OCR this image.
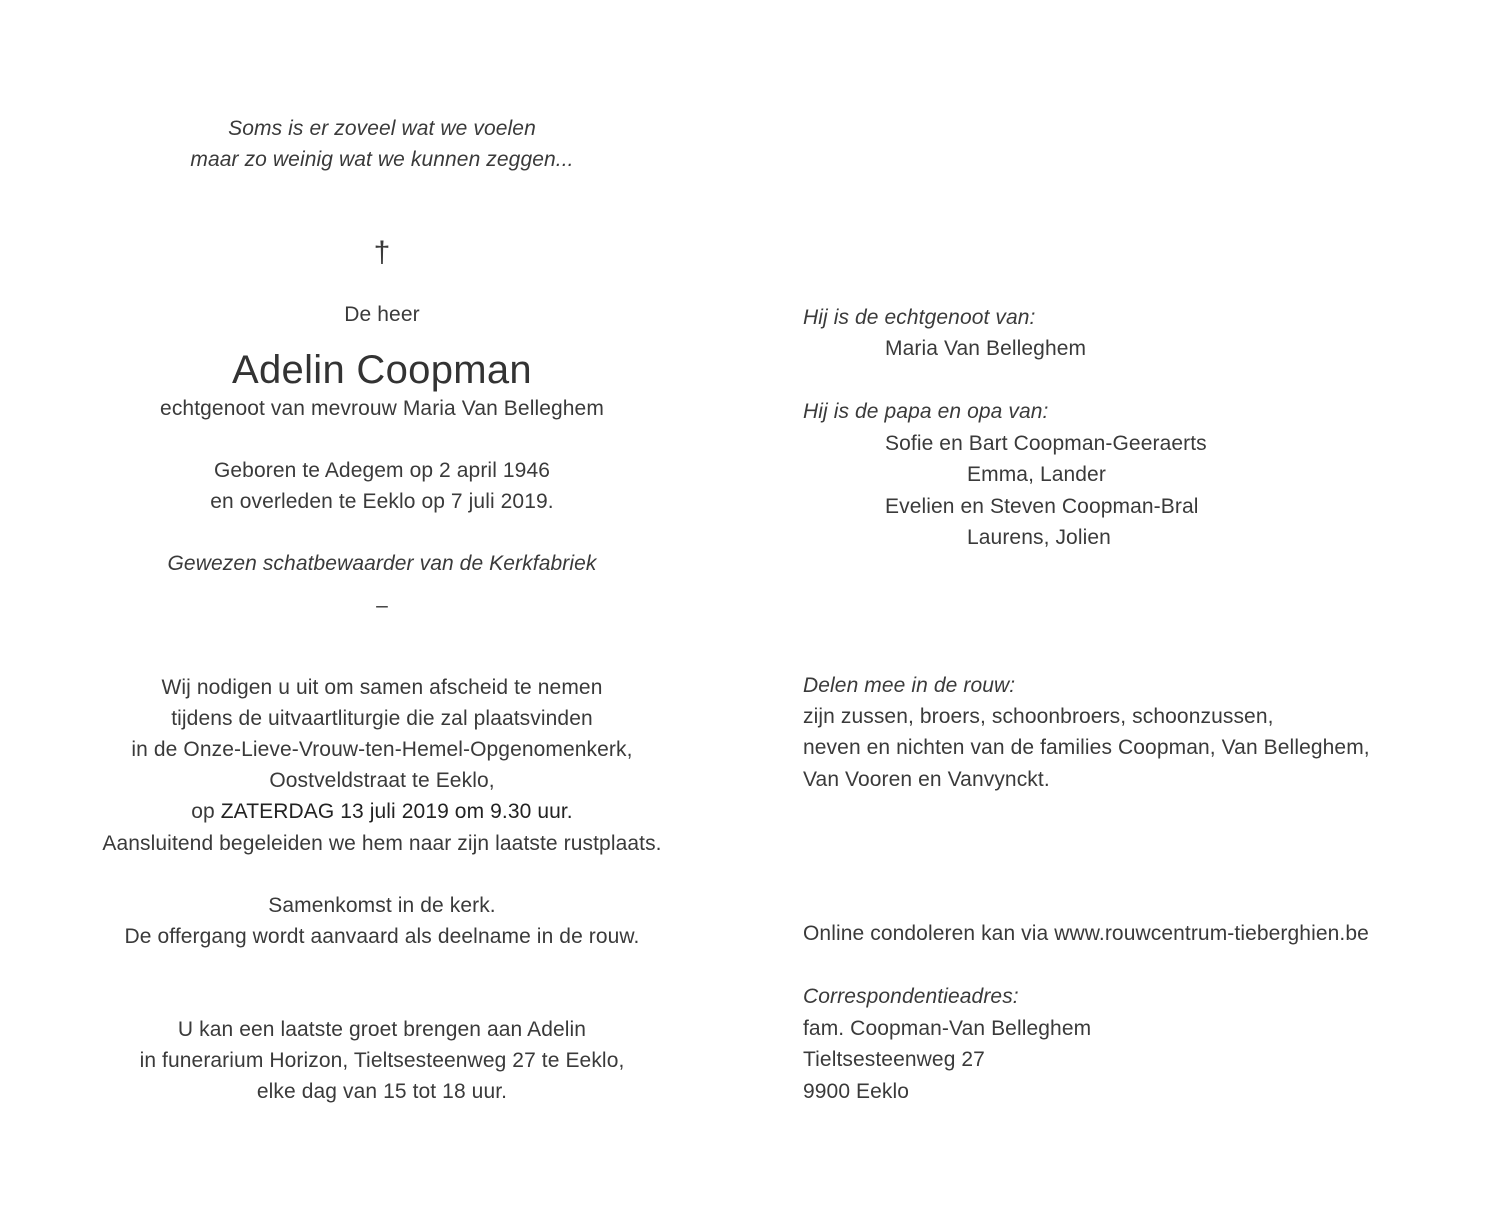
Soms is er zoveel wat we voelen
maar zo weinig wat we kunnen zeggen...
†
De heer
Adelin Coopman
echtgenoot van mevrouw Maria Van Belleghem
Geboren te Adegem op 2 april 1946
en overleden te Eeklo op 7 juli 2019.
Gewezen schatbewaarder van de Kerkfabriek
–
Wij nodigen u uit om samen afscheid te nemen
tijdens de uitvaartliturgie die zal plaatsvinden
in de Onze-Lieve-Vrouw-ten-Hemel-Opgenomenkerk,
Oostveldstraat te Eeklo,
op ZATERDAG 13 juli 2019 om 9.30 uur.
Aansluitend begeleiden we hem naar zijn laatste rustplaats.
Samenkomst in de kerk.
De offergang wordt aanvaard als deelname in de rouw.
U kan een laatste groet brengen aan Adelin
in funerarium Horizon, Tieltsesteenweg 27 te Eeklo,
elke dag van 15 tot 18 uur.
Hij is de echtgenoot van:
Maria Van Belleghem
Hij is de papa en opa van:
Sofie en Bart Coopman-Geeraerts
Emma, Lander
Evelien en Steven Coopman-Bral
Laurens, Jolien
Delen mee in de rouw:
zijn zussen, broers, schoonbroers, schoonzussen,
neven en nichten van de families Coopman, Van Belleghem,
Van Vooren en Vanvynckt.
Online condoleren kan via www.rouwcentrum-tieberghien.be
Correspondentieadres:
fam. Coopman-Van Belleghem
Tieltsesteenweg 27
9900 Eeklo
